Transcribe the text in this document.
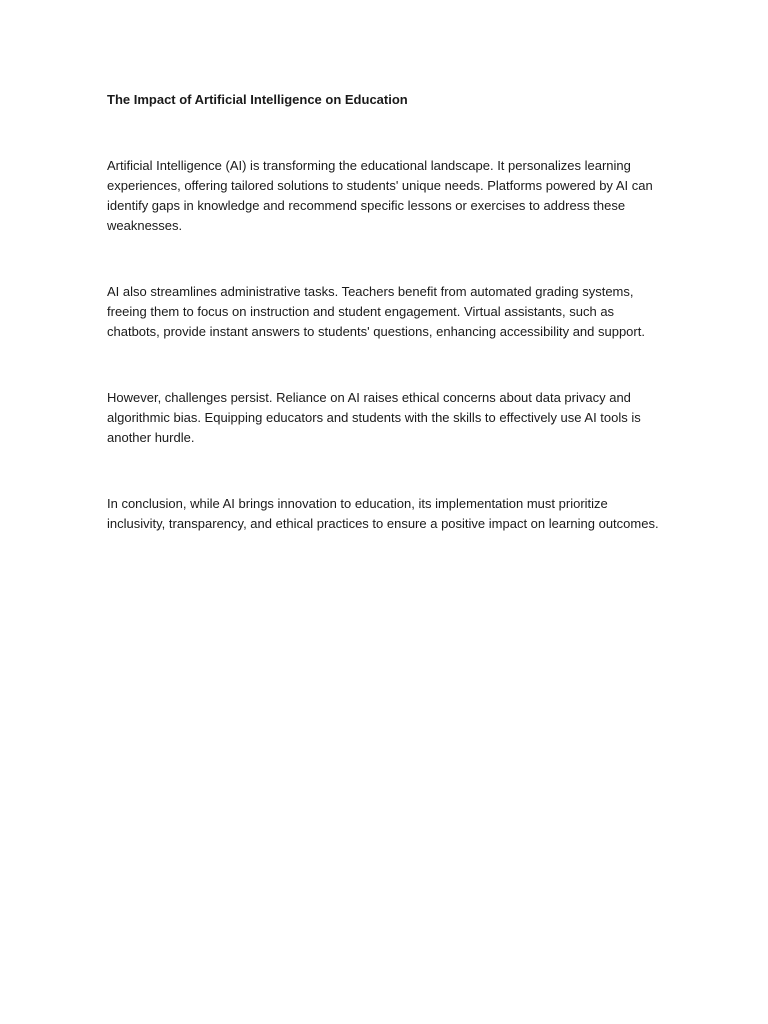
The Impact of Artificial Intelligence on Education

Artificial Intelligence (AI) is transforming the educational landscape. It personalizes learning experiences, offering tailored solutions to students' unique needs. Platforms powered by AI can identify gaps in knowledge and recommend specific lessons or exercises to address these weaknesses.

AI also streamlines administrative tasks. Teachers benefit from automated grading systems, freeing them to focus on instruction and student engagement. Virtual assistants, such as chatbots, provide instant answers to students' questions, enhancing accessibility and support.

However, challenges persist. Reliance on AI raises ethical concerns about data privacy and algorithmic bias. Equipping educators and students with the skills to effectively use AI tools is another hurdle.

In conclusion, while AI brings innovation to education, its implementation must prioritize inclusivity, transparency, and ethical practices to ensure a positive impact on learning outcomes.
